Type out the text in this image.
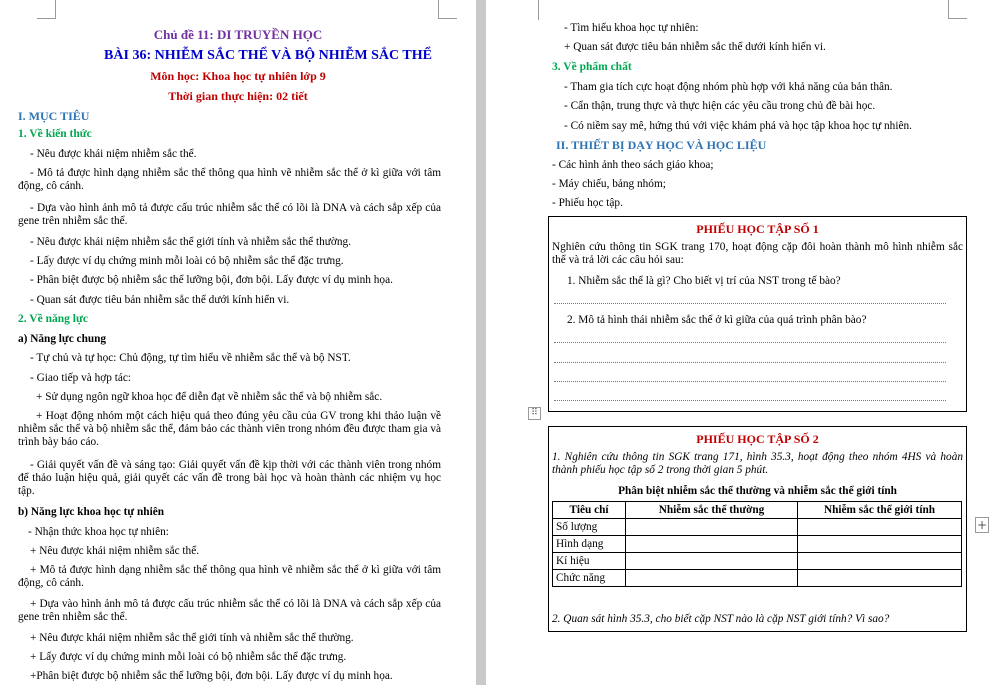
Chủ đề 11: DI TRUYỀN HỌC
BÀI 36: NHIỄM SẮC THỂ VÀ BỘ NHIỄM SẮC THỂ
Môn học: Khoa học tự nhiên lớp 9
Thời gian thực hiện: 02 tiết
I. MỤC TIÊU
1. Về kiến thức
- Nêu được khái niệm nhiễm sắc thể.
- Mô tả được hình dạng nhiễm sắc thể thông qua hình vẽ nhiễm sắc thể ở kì giữa với tâm động, cô cánh.
- Dựa vào hình ảnh mô tả được cấu trúc nhiễm sắc thể có lõi là DNA và cách sắp xếp của gene trên nhiễm sắc thể.
- Nêu được khái niệm nhiễm sắc thể giới tính và nhiễm sắc thể thường.
- Lấy được ví dụ chứng minh mỗi loài có bộ nhiễm sắc thể đặc trưng.
- Phân biệt được bộ nhiễm sắc thể lưỡng bội, đơn bội. Lấy được ví dụ minh họa.
- Quan sát được tiêu bản nhiễm sắc thể dưới kính hiển vi.
2. Về năng lực
a) Năng lực chung
- Tự chủ và tự học: Chủ động, tự tìm hiểu về nhiễm sắc thể và bộ NST.
- Giao tiếp và hợp tác:
+ Sử dụng ngôn ngữ khoa học để diễn đạt về nhiễm sắc thể và bộ nhiễm sắc.
+ Hoạt động nhóm một cách hiệu quả theo đúng yêu cầu của GV trong khi thảo luận về nhiễm sắc thể và bộ nhiễm sắc thể, đảm bảo các thành viên trong nhóm đều được tham gia và trình bày báo cáo.
- Giải quyết vấn đề và sáng tạo: Giải quyết vấn đề kịp thời với các thành viên trong nhóm để thảo luận hiệu quả, giải quyết các vấn đề trong bài học và hoàn thành các nhiệm vụ học tập.
b) Năng lực khoa học tự nhiên
- Nhận thức khoa học tự nhiên:
+ Nêu được khái niệm nhiễm sắc thể.
+ Mô tả được hình dạng nhiễm sắc thể thông qua hình vẽ nhiễm sắc thể ở kì giữa với tâm động, cô cánh.
+ Dựa vào hình ảnh mô tả được cấu trúc nhiễm sắc thể có lõi là DNA và cách sắp xếp của gene trên nhiễm sắc thể.
+ Nêu được khái niệm nhiễm sắc thể giới tính và nhiễm sắc thể thường.
+ Lấy được ví dụ chứng minh mỗi loài có bộ nhiễm sắc thể đặc trưng.
+Phân biệt được bộ nhiễm sắc thể lưỡng bội, đơn bội. Lấy được ví dụ minh họa.
- Tìm hiểu khoa học tự nhiên:
+ Quan sát được tiêu bản nhiễm sắc thể dưới kính hiển vi.
3. Về phẩm chất
- Tham gia tích cực hoạt động nhóm phù hợp với khả năng của bản thân.
- Cẩn thận, trung thực và thực hiện các yêu cầu trong chủ đề bài học.
- Có niềm say mê, hứng thú với việc khám phá và học tập khoa học tự nhiên.
II. THIẾT BỊ DẠY HỌC VÀ HỌC LIỆU
- Các hình ảnh theo sách giáo khoa;
- Máy chiếu, bảng nhóm;
- Phiếu học tập.
PHIẾU HỌC TẬP SỐ 1
Nghiên cứu thông tin SGK trang 170, hoạt động cặp đôi hoàn thành mô hình nhiễm sắc thể và trả lời các câu hỏi sau:
1. Nhiễm sắc thể là gì? Cho biết vị trí của NST trong tế bào?
2. Mô tả hình thái nhiễm sắc thể ở kì giữa của quá trình phân bào?
⠿
PHIẾU HỌC TẬP SỐ 2
1. Nghiên cứu thông tin SGK trang 171, hình 35.3, hoạt động theo nhóm 4HS và hoàn thành phiếu học tập số 2 trong thời gian 5 phút.
Phân biệt nhiễm sắc thể thường và nhiễm sắc thể giới tính
Tiêu chí	Nhiễm sắc thể thường	Nhiễm sắc thể giới tính
Số lượng		
Hình dạng		
Kí hiệu		
Chức năng		
2. Quan sát hình 35.3, cho biết cặp NST nào là cặp NST giới tính? Vì sao?
+
